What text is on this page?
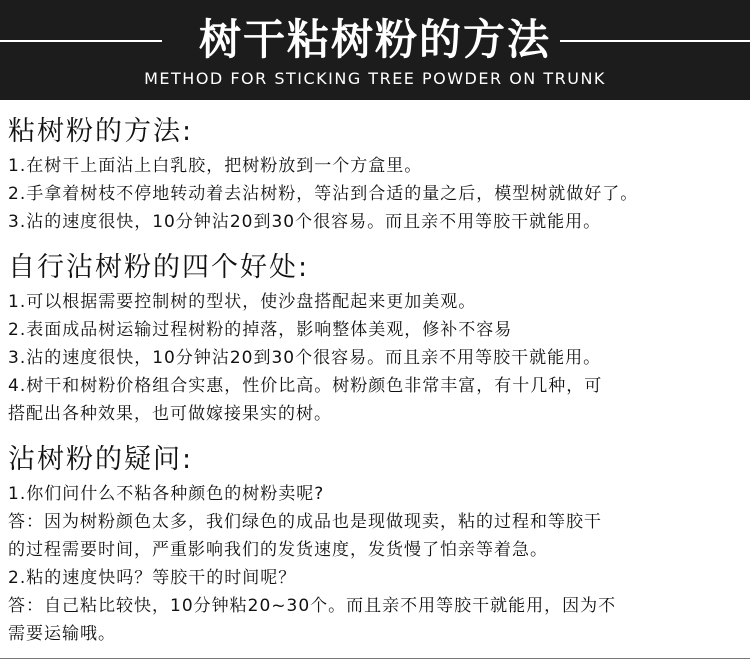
树干粘树粉的方法
METHOD FOR STICKING TREE POWDER ON TRUNK
粘树粉的方法:
1.在树干上面沾上白乳胶，把树粉放到一个方盒里。
2.手拿着树枝不停地转动着去沾树粉，等沾到合适的量之后，模型树就做好了。
3.沾的速度很快，10分钟沾20到30个很容易。而且亲不用等胶干就能用。
自行沾树粉的四个好处:
1.可以根据需要控制树的型状，使沙盘搭配起来更加美观。
2.表面成品树运输过程树粉的掉落，影响整体美观，修补不容易
3.沾的速度很快，10分钟沾20到30个很容易。而且亲不用等胶干就能用。
4.树干和树粉价格组合实惠，性价比高。树粉颜色非常丰富，有十几种，可
搭配出各种效果，也可做嫁接果实的树。
沾树粉的疑问:
1.你们问什么不粘各种颜色的树粉卖呢?
答：因为树粉颜色太多，我们绿色的成品也是现做现卖，粘的过程和等胶干
的过程需要时间，严重影响我们的发货速度，发货慢了怕亲等着急。
2.粘的速度快吗？等胶干的时间呢？
答：自己粘比较快，10分钟粘20~30个。而且亲不用等胶干就能用，因为不
需要运输哦。
